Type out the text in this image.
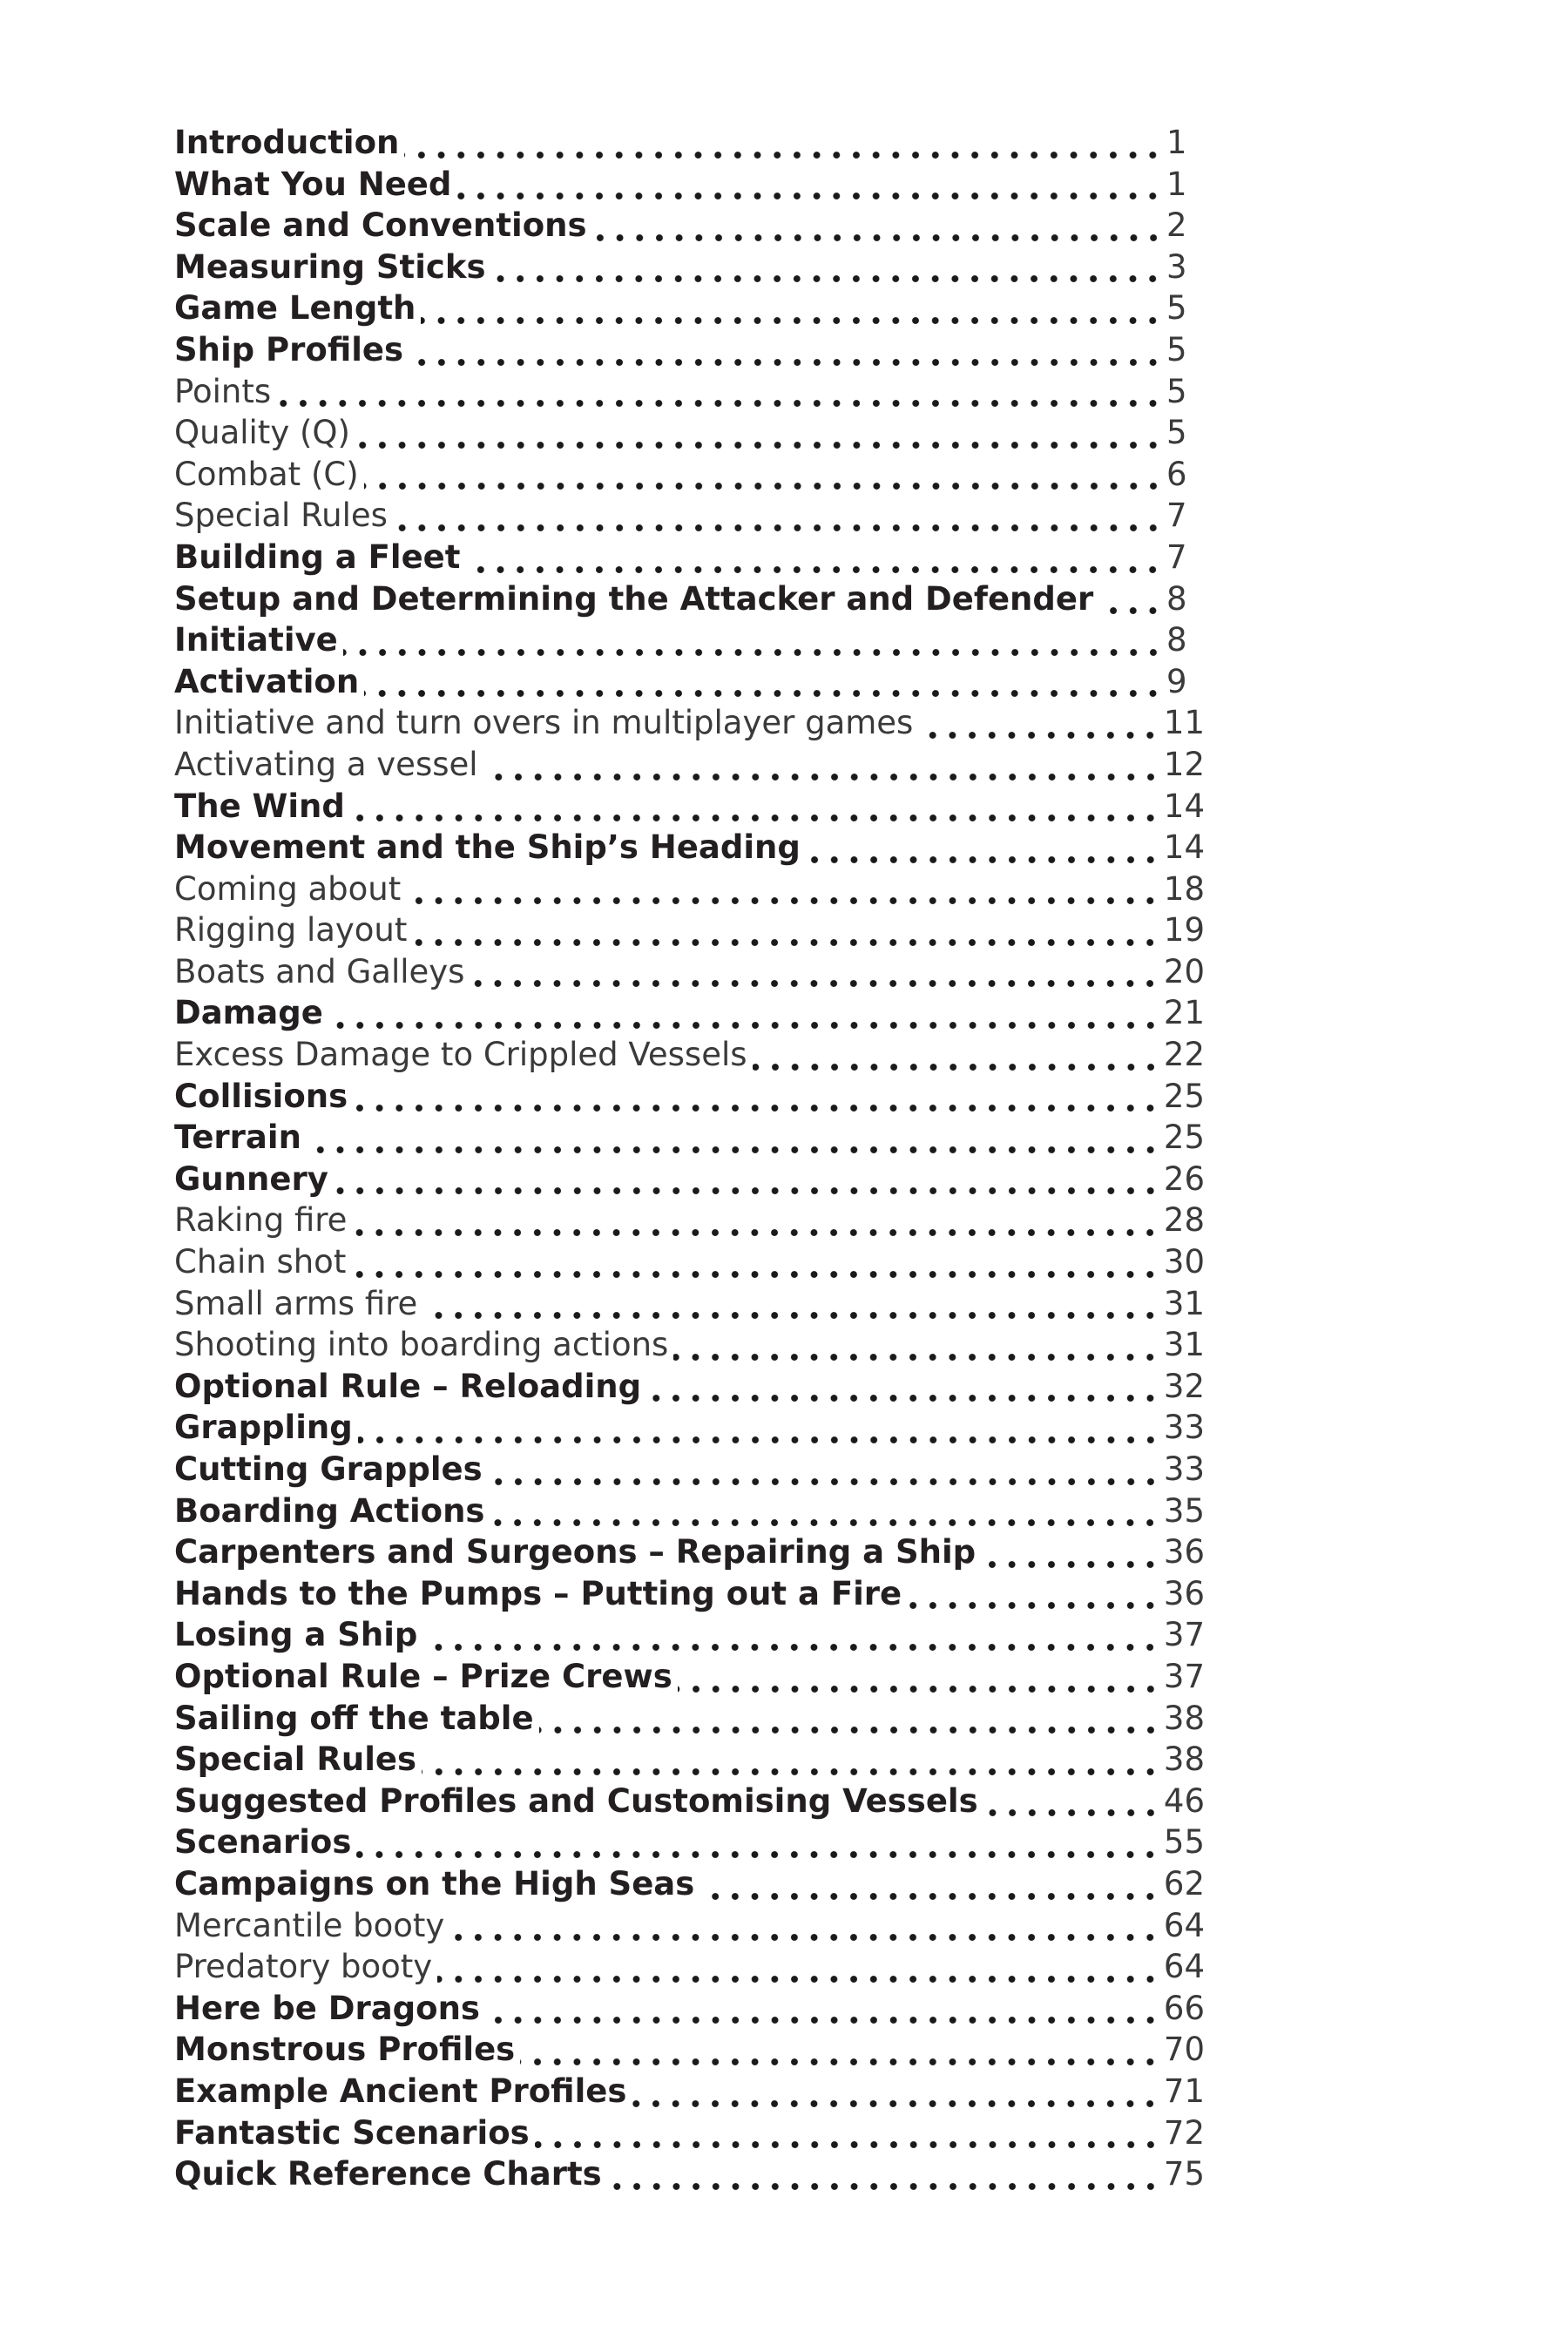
Introduction	1
What You Need	1
Scale and Conventions	2
Measuring Sticks	3
Game Length	5
Ship Profiles	5
Points	5
Quality (Q)	5
Combat (C)	6
Special Rules	7
Building a Fleet	7
Setup and Determining the Attacker and Defender 8
Initiative	8
Activation	9
Initiative and turn overs in multiplayer games	11
Activating a vessel	12
The Wind	14
Movement and the Ship’s Heading	14
Coming about	18
Rigging layout	19
Boats and Galleys	20
Damage	21
Excess Damage to Crippled Vessels	22
Collisions	25
Terrain	25
Gunnery	26
Raking fire	28
Chain shot	30
Small arms fire	31
Shooting into boarding actions	31
Optional Rule – Reloading	32
Grappling	33
Cutting Grapples	33
Boarding Actions	35
Carpenters and Surgeons – Repairing a Ship	36
Hands to the Pumps – Putting out a Fire	36
Losing a Ship	37
Optional Rule – Prize Crews	37
Sailing off the table	38
Special Rules	38
Suggested Profiles and Customising Vessels	46
Scenarios	55
Campaigns on the High Seas	62
Mercantile booty	64
Predatory booty	64
Here be Dragons	66
Monstrous Profiles	70
Example Ancient Profiles	71
Fantastic Scenarios	72
Quick Reference Charts	75
